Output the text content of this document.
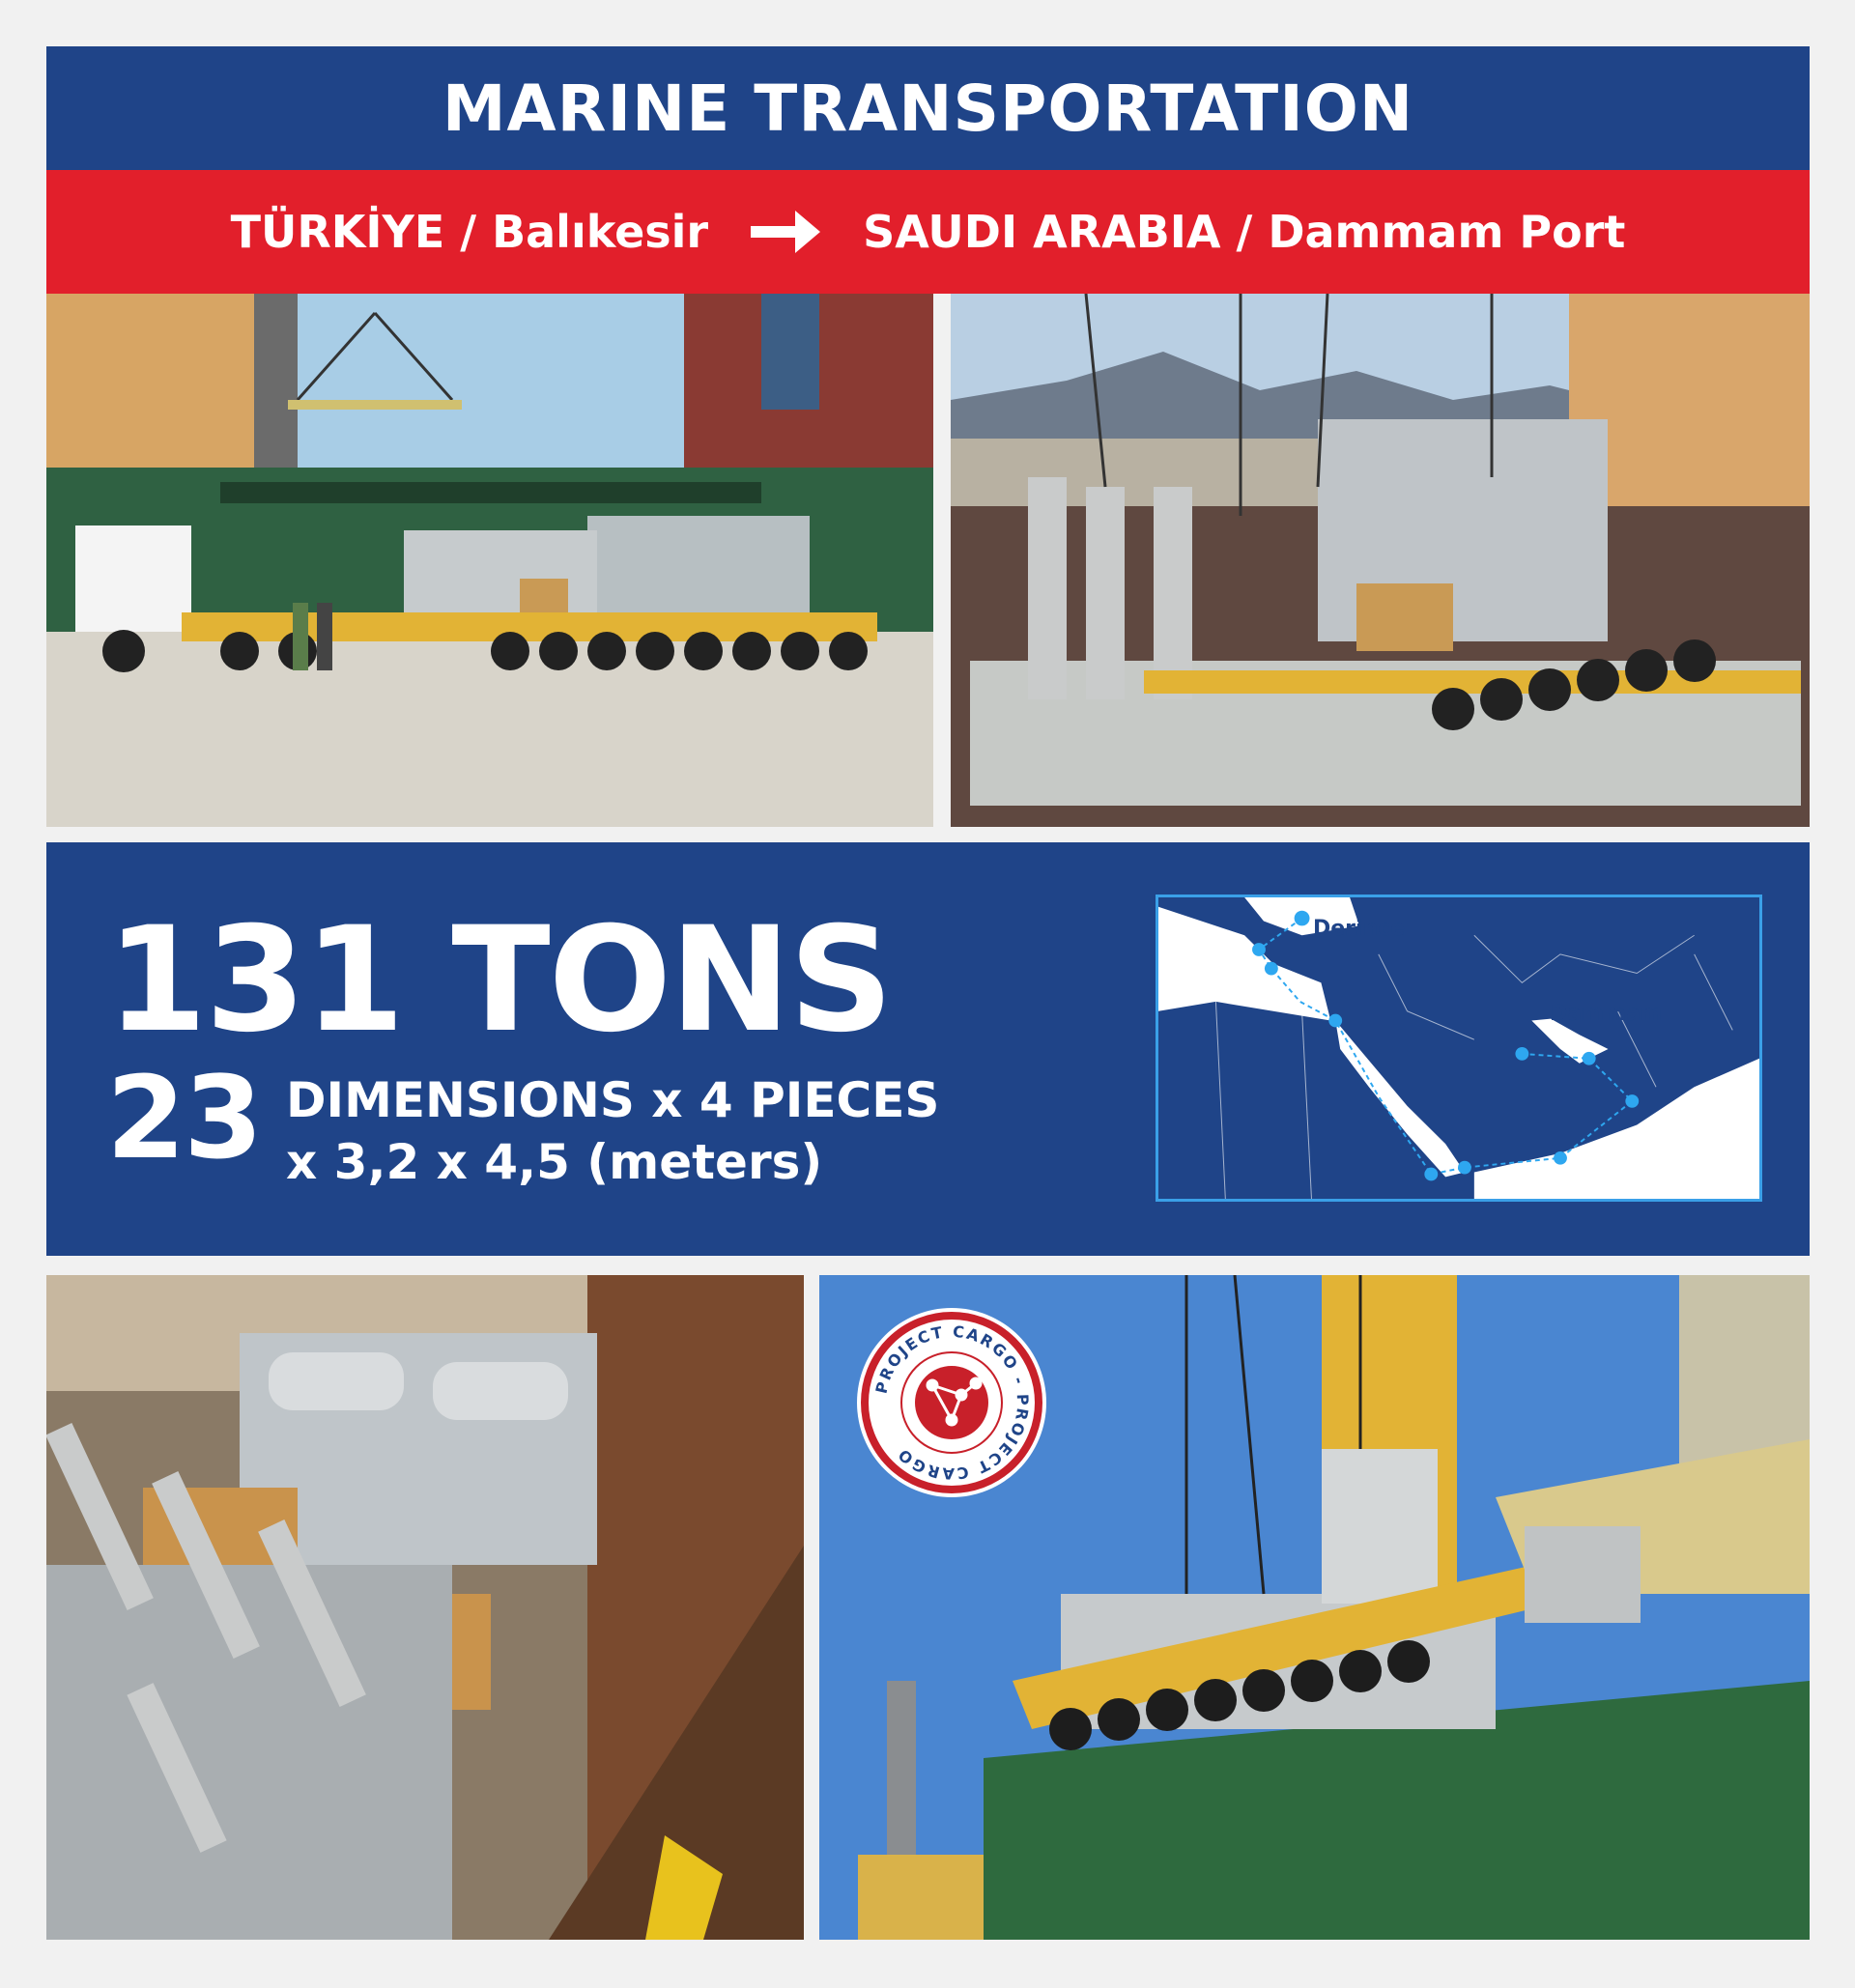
MARINE TRANSPORTATION
TÜRKİYE / Balıkesir	SAUDI ARABIA / Dammam Port
131 TONS
23 DIMENSIONS x 4 PIECES
x 3,2 x 4,5 (meters)
Derince
Dammam
PROJECT CARGO - PROJECT CARGO
